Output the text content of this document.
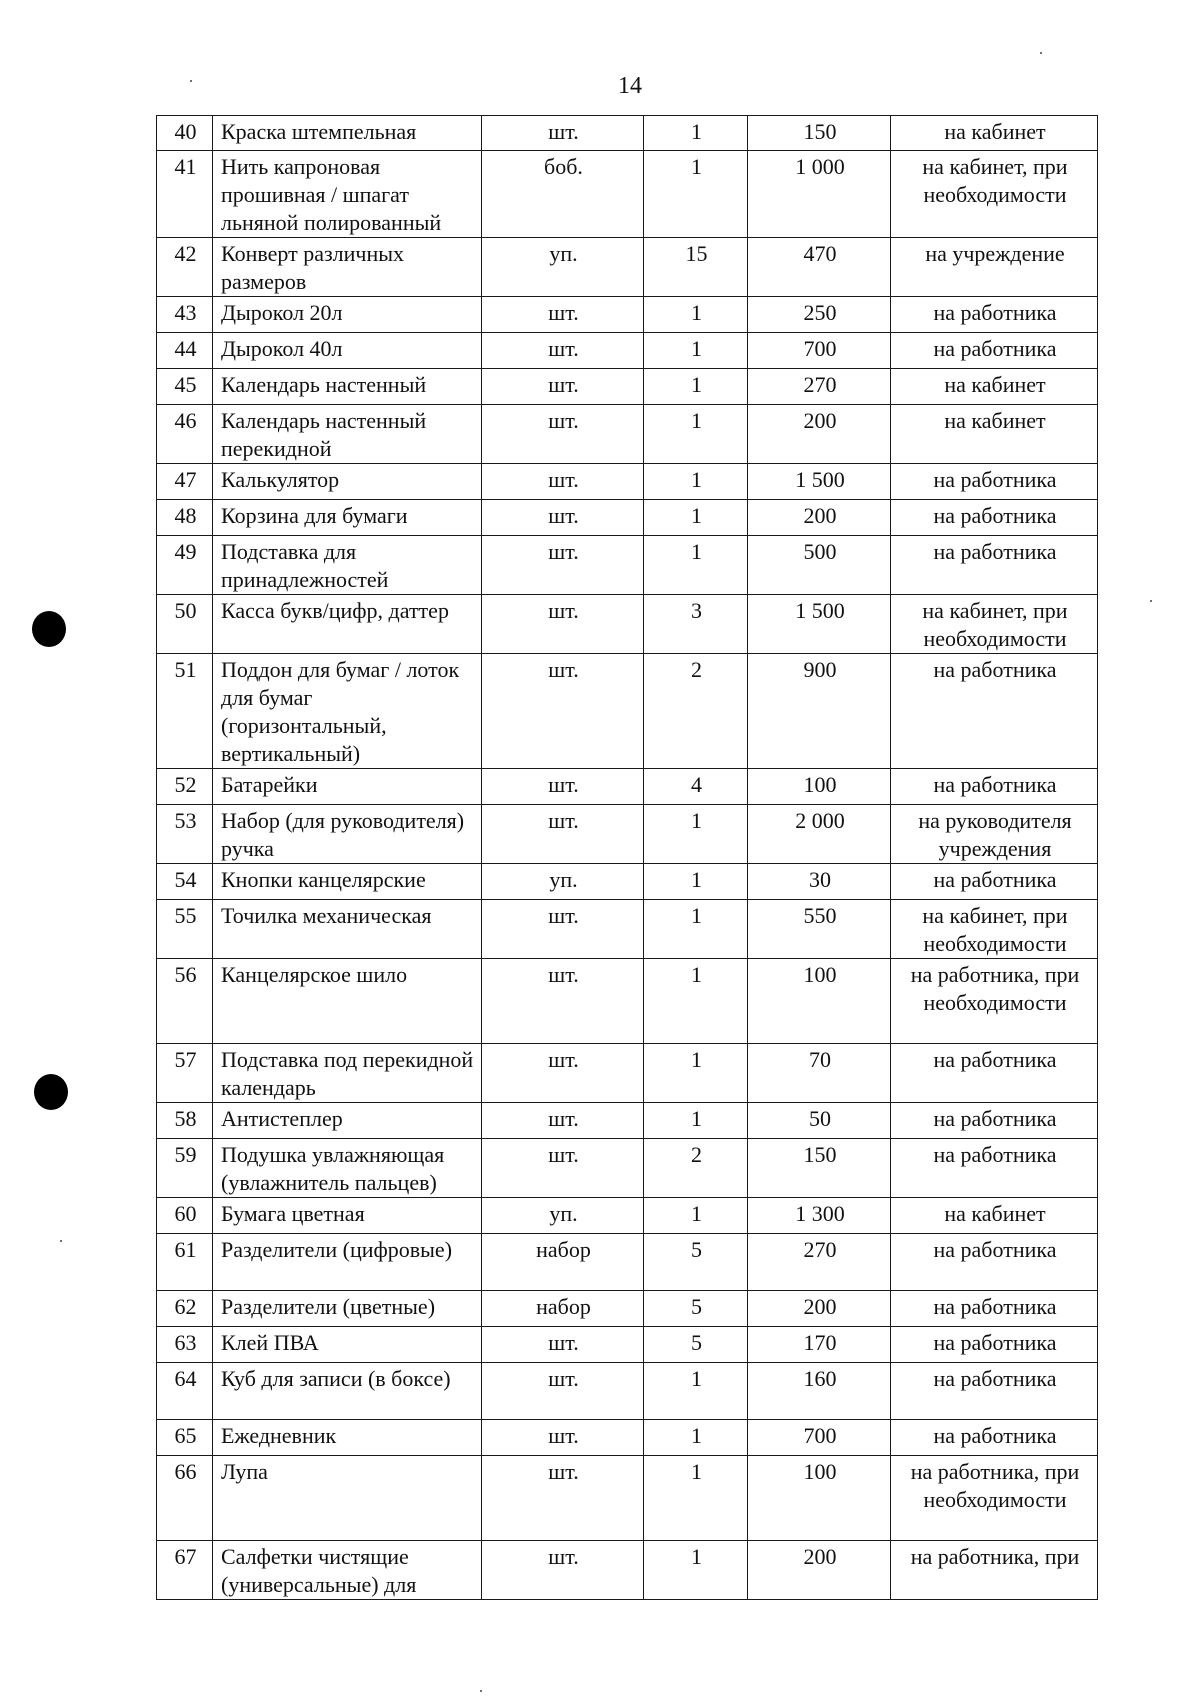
14
40	Краска штемпельная	шт.	1	150	на кабинет
41	Нить капроновая прошивная / шпагат льняной полированный	боб.	1	1 000	на кабинет, при необходимости
42	Конверт различных размеров	уп.	15	470	на учреждение
43	Дырокол 20л	шт.	1	250	на работника
44	Дырокол 40л	шт.	1	700	на работника
45	Календарь настенный	шт.	1	270	на кабинет
46	Календарь настенный перекидной	шт.	1	200	на кабинет
47	Калькулятор	шт.	1	1 500	на работника
48	Корзина для бумаги	шт.	1	200	на работника
49	Подставка для принадлежностей	шт.	1	500	на работника
50	Касса букв/цифр, даттер	шт.	3	1 500	на кабинет, при необходимости
51	Поддон для бумаг / лоток для бумаг (горизонтальный, вертикальный)	шт.	2	900	на работника
52	Батарейки	шт.	4	100	на работника
53	Набор (для руководителя) ручка	шт.	1	2 000	на руководителя учреждения
54	Кнопки канцелярские	уп.	1	30	на работника
55	Точилка механическая	шт.	1	550	на кабинет, при необходимости
56	Канцелярское шило	шт.	1	100	на работника, при необходимости
57	Подставка под перекидной календарь	шт.	1	70	на работника
58	Антистеплер	шт.	1	50	на работника
59	Подушка увлажняющая (увлажнитель пальцев)	шт.	2	150	на работника
60	Бумага цветная	уп.	1	1 300	на кабинет
61	Разделители (цифровые)	набор	5	270	на работника
62	Разделители (цветные)	набор	5	200	на работника
63	Клей ПВА	шт.	5	170	на работника
64	Куб для записи (в боксе)	шт.	1	160	на работника
65	Ежедневник	шт.	1	700	на работника
66	Лупа	шт.	1	100	на работника, при необходимости
67	Салфетки чистящие (универсальные) для	шт.	1	200	на работника, при
